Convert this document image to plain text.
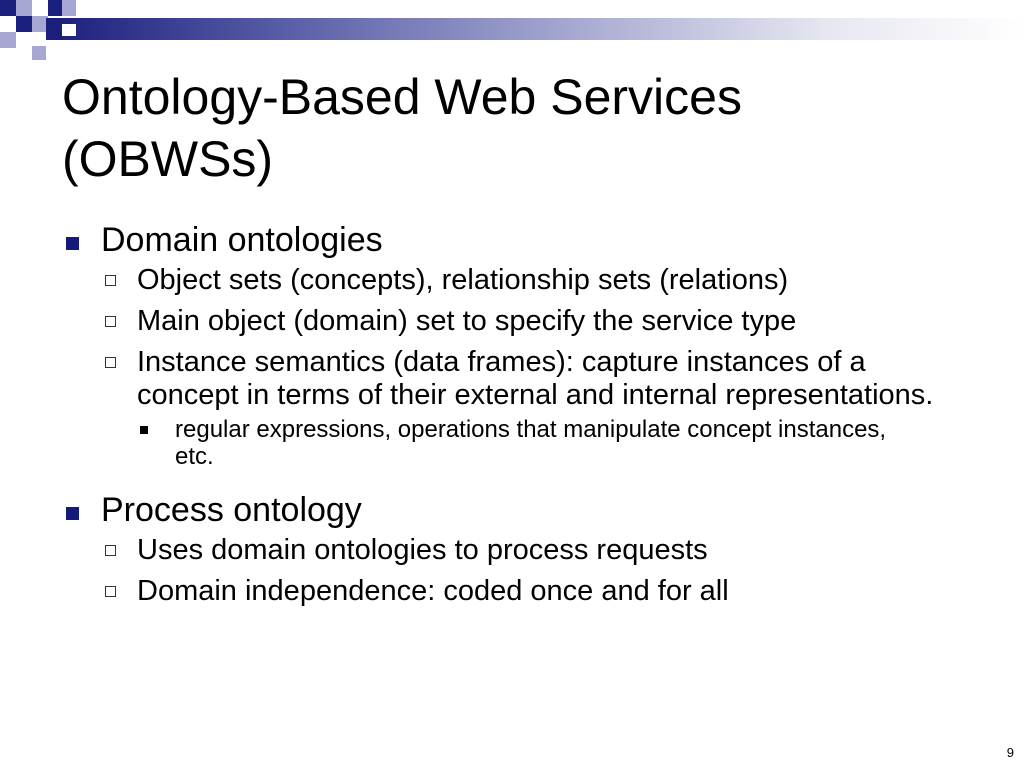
Ontology-Based Web Services
(OBWSs)
Domain ontologies
Object sets (concepts), relationship sets (relations)
Main object (domain) set to specify the service type
Instance semantics (data frames): capture instances of a concept in terms of their external and internal representations.
regular expressions, operations that manipulate concept instances, etc.
Process ontology
Uses domain ontologies to process requests
Domain independence: coded once and for all
9
